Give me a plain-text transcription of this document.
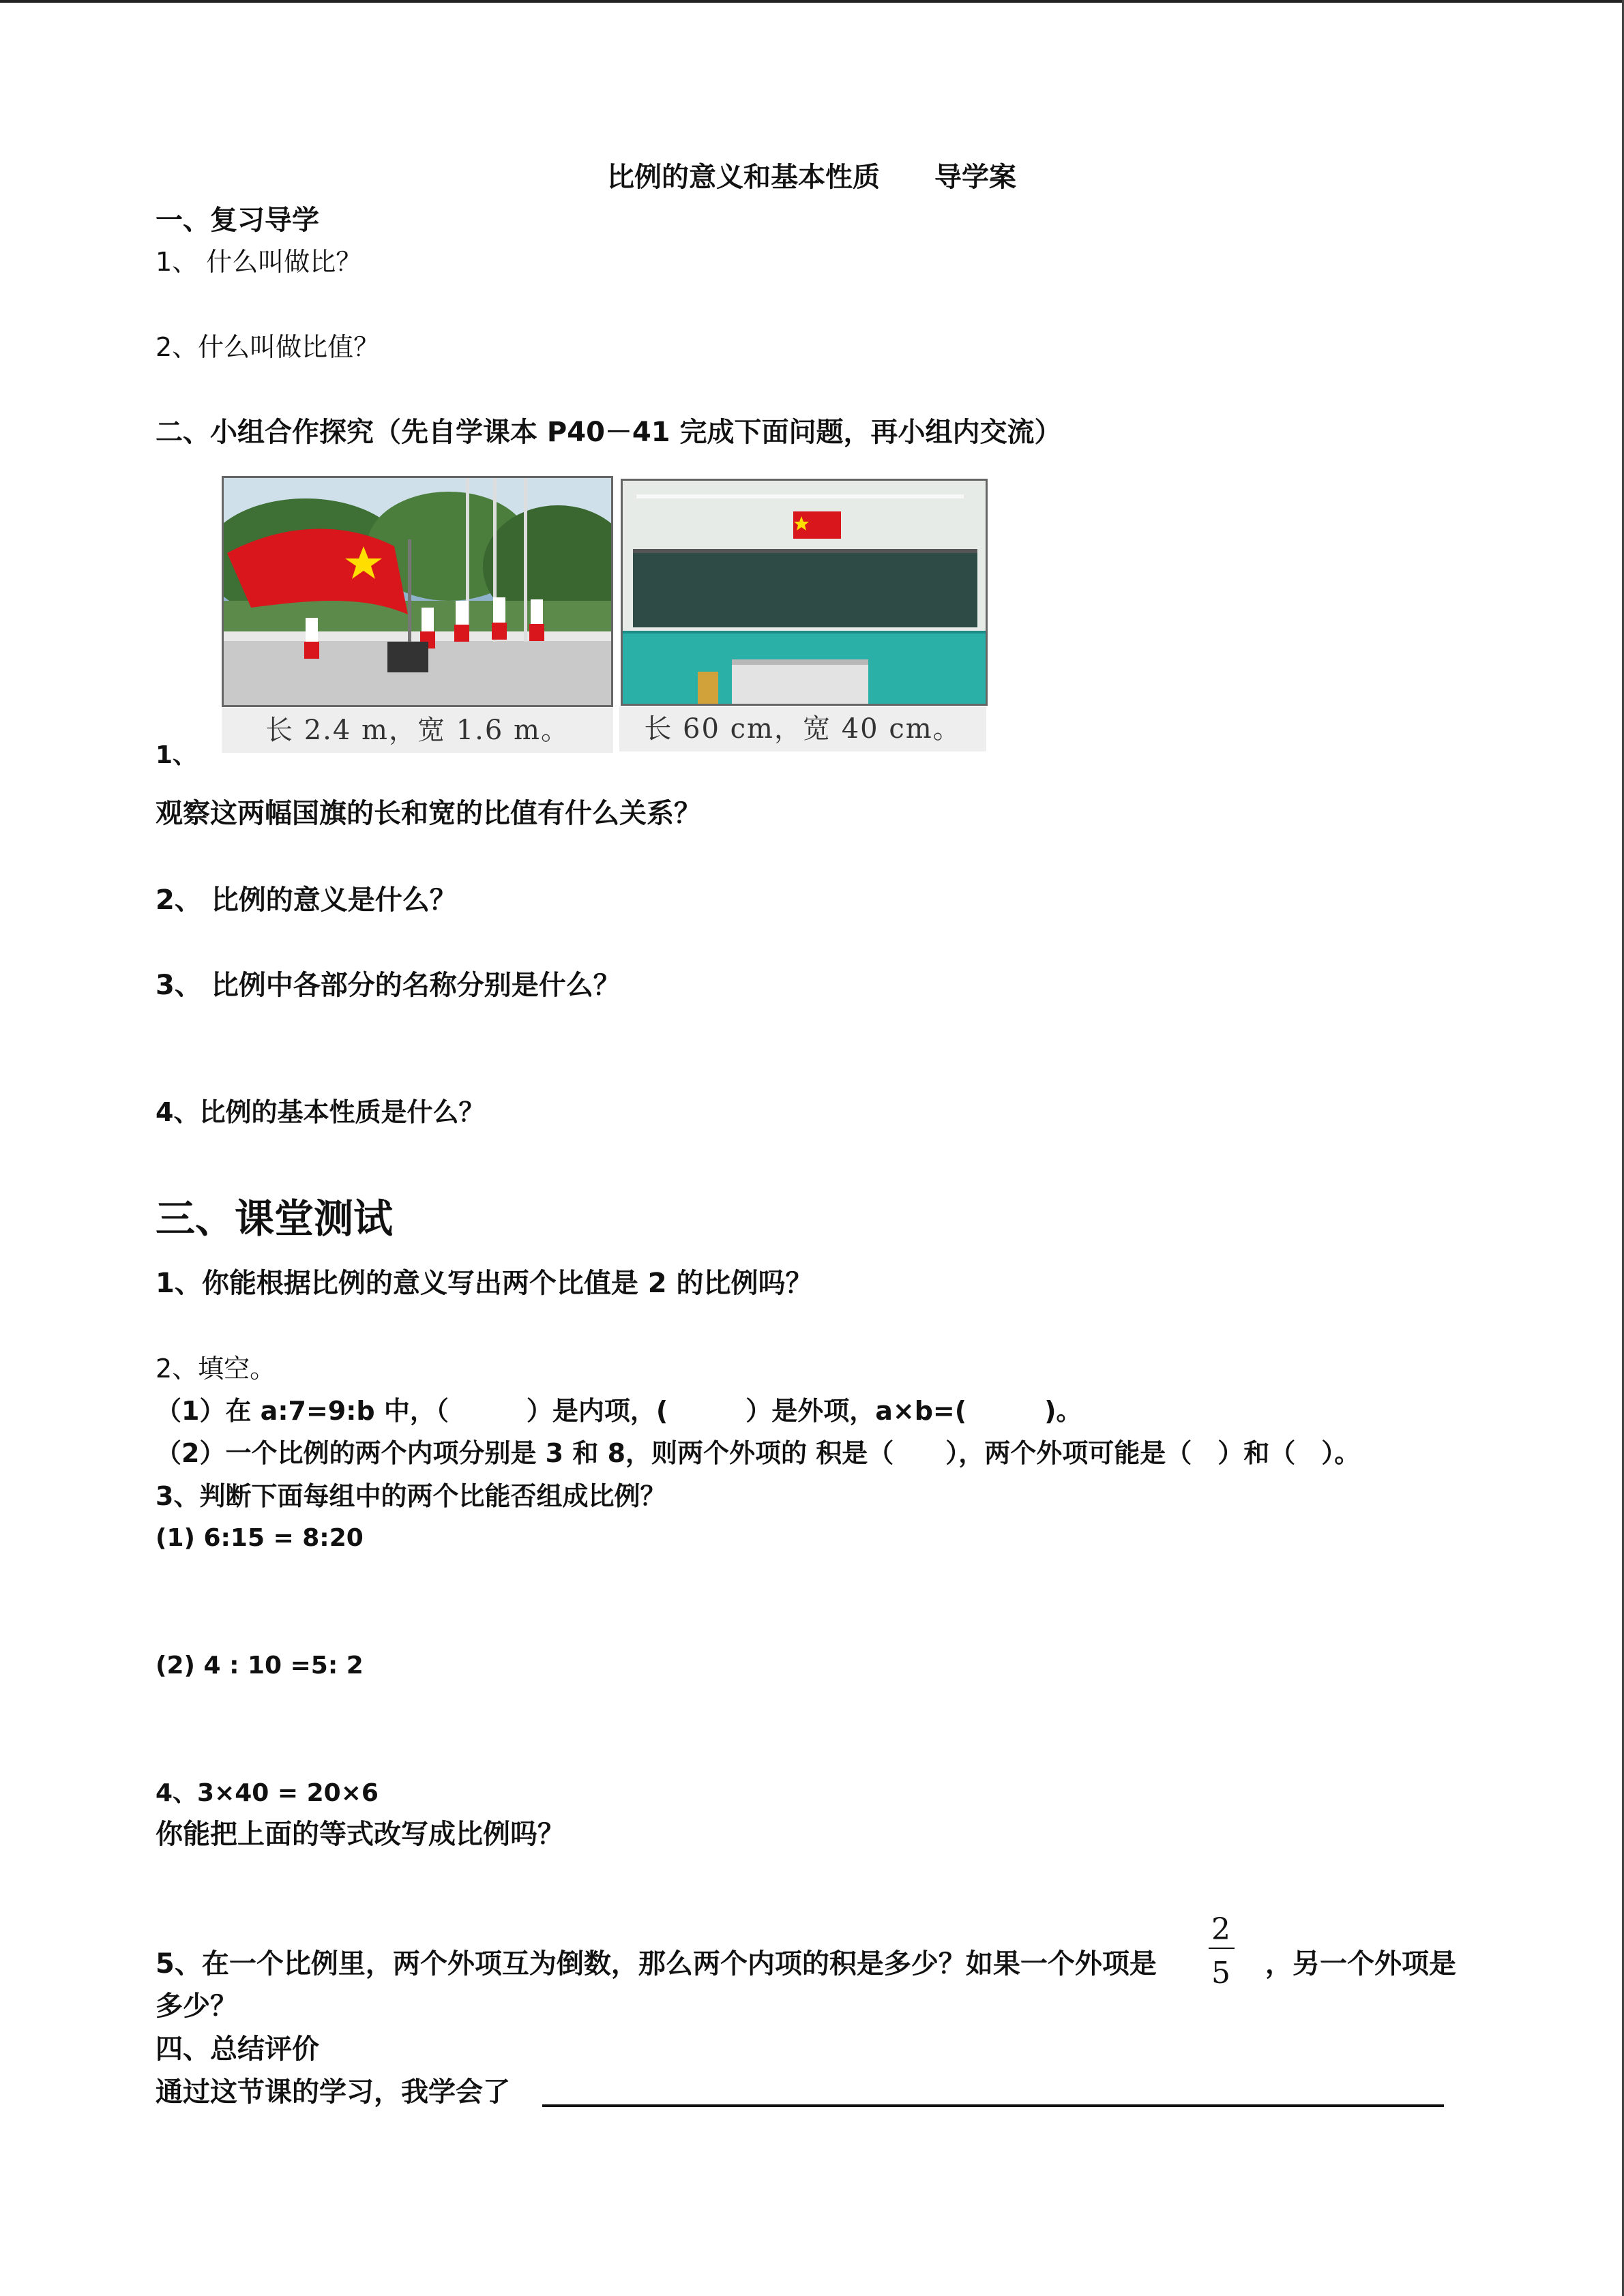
比例的意义和基本性质　　导学案
一、复习导学
1、 什么叫做比？
2、什么叫做比值？
二、小组合作探究（先自学课本 P40－41 完成下面问题，再小组内交流）
长 2.4 m，宽 1.6 m。	长 60 cm，宽 40 cm。
1、
观察这两幅国旗的长和宽的比值有什么关系？
2、 比例的意义是什么？
3、 比例中各部分的名称分别是什么？
4、比例的基本性质是什么？
三、课堂测试
1、你能根据比例的意义写出两个比值是 2 的比例吗？
2、填空。
（1）在 a:7=9:b 中，（　　　）是内项，(　　　）是外项，a×b=(　　　)。
（2）一个比例的两个内项分别是 3 和 8，则两个外项的 积是（　　），两个外项可能是（　）和（　）。
3、判断下面每组中的两个比能否组成比例？
(1) 6:15 = 8:20
(2) 4 : 10 =5: 2
4、3×40 = 20×6
你能把上面的等式改写成比例吗？
5、在一个比例里，两个外项互为倒数，那么两个内项的积是多少？如果一个外项是
2
5 ，另一个外项是
多少？
四、总结评价
通过这节课的学习，我学会了
